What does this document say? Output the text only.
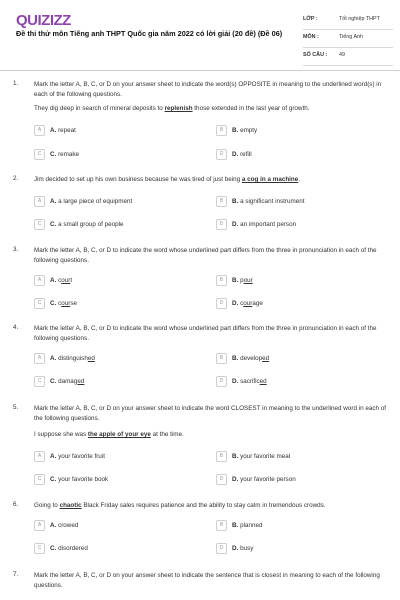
QUIZIZZ
Đề thi thử môn Tiếng anh THPT Quốc gia năm 2022 có lời giải (20 đề) (Đề 06)
LỚP :	Tốt nghiệp THPT
MÔN :	Tiếng Anh
SỐ CÂU : 49
1. Mark the letter A, B, C, or D on your answer sheet to indicate the word(s) OPPOSITE in meaning to the underlined word(s) in each of the following questions.
They dig deep in search of mineral deposits to replenish those extended in the last year of growth.
A	A. repeat	B	B. empty
C	C. remake	D	D. refill
2. Jim decided to set up his own business because he was tired of just being a cog in a machine.
A	A. a large piece of equipment	B	B. a significant instrument
C	C. a small group of people	D	D. an important person
3. Mark the letter A, B, C, or D to indicate the word whose underlined part differs from the three in pronunciation in each of the following questions.
A	A. court	B	B. pour
C	C. course	D	D. courage
4. Mark the letter A, B, C, or D to indicate the word whose underlined part differs from the three in pronunciation in each of the following questions.
A	A. distinguished	B	B. developed
C	C. damaged	D	D. sacrificed
5. Mark the letter A, B, C, or D on your answer sheet to indicate the word CLOSEST in meaning to the underlined word in each of the following questions.
I suppose she was the apple of your eye at the time.
A	A. your favorite fruit	B	B. your favorite meal
C	C. your favorite book	D	D. your favorite person
6. Going to chaotic Black Friday sales requires patience and the ability to stay calm in tremendous crowds.
A	A. crowed	B	B. planned
C	C. disordered	D	D. busy
7. Mark the letter A, B, C, or D on your answer sheet to indicate the sentence that is closest in meaning to each of the following questions.
